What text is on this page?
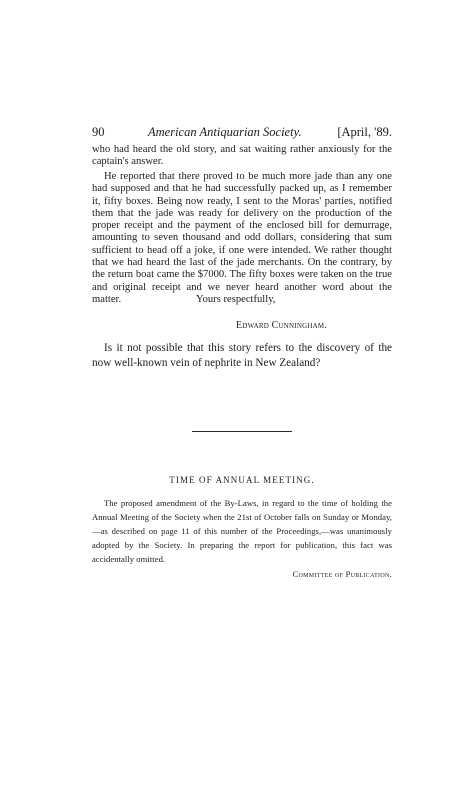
90	American Antiquarian Society.	[April, '89.

who had heard the old story, and sat waiting rather anxiously for the captain's answer.

He reported that there proved to be much more jade than any one had supposed and that he had successfully packed up, as I remember it, fifty boxes. Being now ready, I sent to the Moras' parties, notified them that the jade was ready for delivery on the production of the proper receipt and the payment of the enclosed bill for demurrage, amounting to seven thousand and odd dollars, considering that sum sufficient to head off a joke, if one were intended. We rather thought that we had heard the last of the jade merchants. On the contrary, by the return boat came the $7000. The fifty boxes were taken on the true and original receipt and we never heard another word about the matter.	Yours respectfully,

Edward Cunningham.

Is it not possible that this story refers to the discovery of the now well-known vein of nephrite in New Zealand?

TIME OF ANNUAL MEETING.

The proposed amendment of the By-Laws, in regard to the time of holding the Annual Meeting of the Society when the 21st of October falls on Sunday or Monday,—as described on page 11 of this number of the Proceedings,—was unanimously adopted by the Society. In preparing the report for publication, this fact was accidentally omitted.

Committee of Publication.
